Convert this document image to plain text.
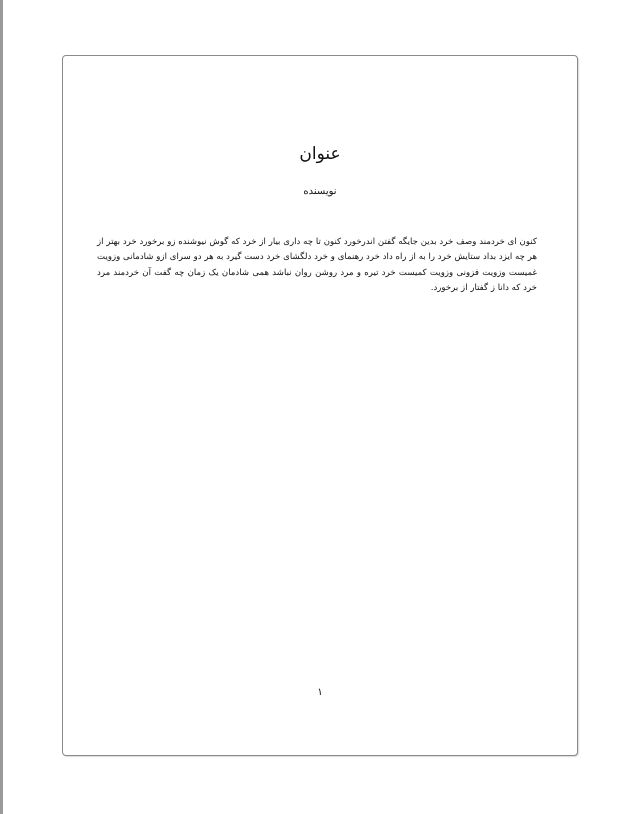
عنوان
نویسنده
کنون ای خردمند وصف خرد بدین جایگه گفتن اندرخورد کنون تا چه داری بیار از خرد که گوش نیوشنده زو برخورد خرد بهتر از هر چه ایزد بداد ستایش خرد را به از راه داد خرد رهنمای و خرد دلگشای خرد دست گیرد به هر دو سرای ازو شادمانی وزویت غمیست وزویت فزونی وزویت کمیست خرد تیره و مرد روشن روان نباشد همی شادمان یک زمان چه گفت آن خردمند مرد خرد که دانا ز گفتار از برخورد.
۱
